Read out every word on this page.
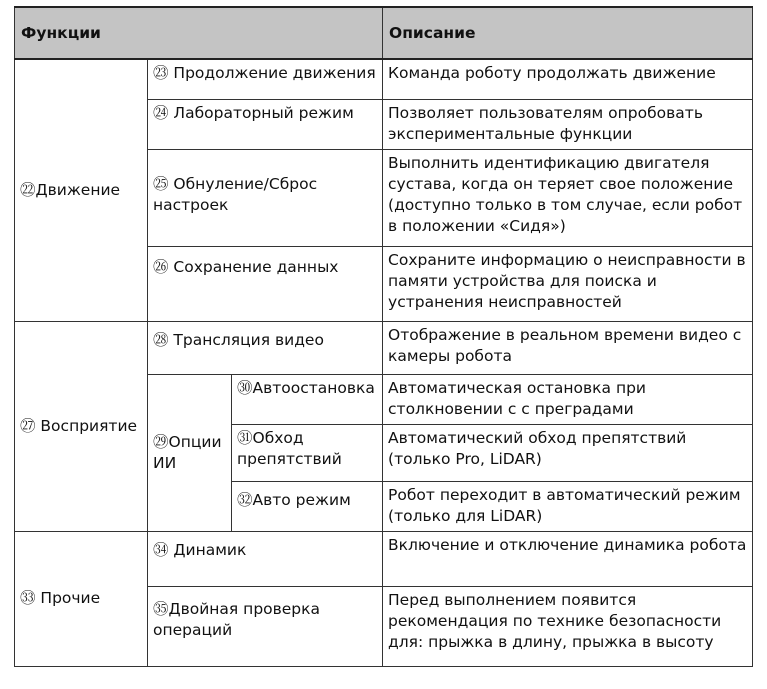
Функции			Описание
㉒Движение	㉓ Продолжение движения		Команда роботу продолжать движение
	㉔ Лабораторный режим		Позволяет пользователям опробовать экспериментальные функции
	㉕ Обнуление/Сброс настроек		Выполнить идентификацию двигателя сустава, когда он теряет свое положение (доступно только в том случае, если робот в положении «Сидя»)
	㉖ Сохранение данных		Сохраните информацию о неисправности в памяти устройства для поиска и устранения неисправностей
㉗ Восприятие	㉘ Трансляция видео		Отображение в реальном времени видео с камеры робота
	㉙Опции ИИ	㉚Автоостановка	Автоматическая остановка при столкновении с с преградами
		㉛Обход препятствий	Автоматический обход препятствий (только Pro, LiDAR)
		㉜Авто режим	Робот переходит в автоматический режим (только для LiDAR)
㉝ Прочие	㉞ Динамик		Включение и отключение динамика робота
	㉟Двойная проверка операций		Перед выполнением появится рекомендация по технике безопасности для: прыжка в длину, прыжка в высоту
